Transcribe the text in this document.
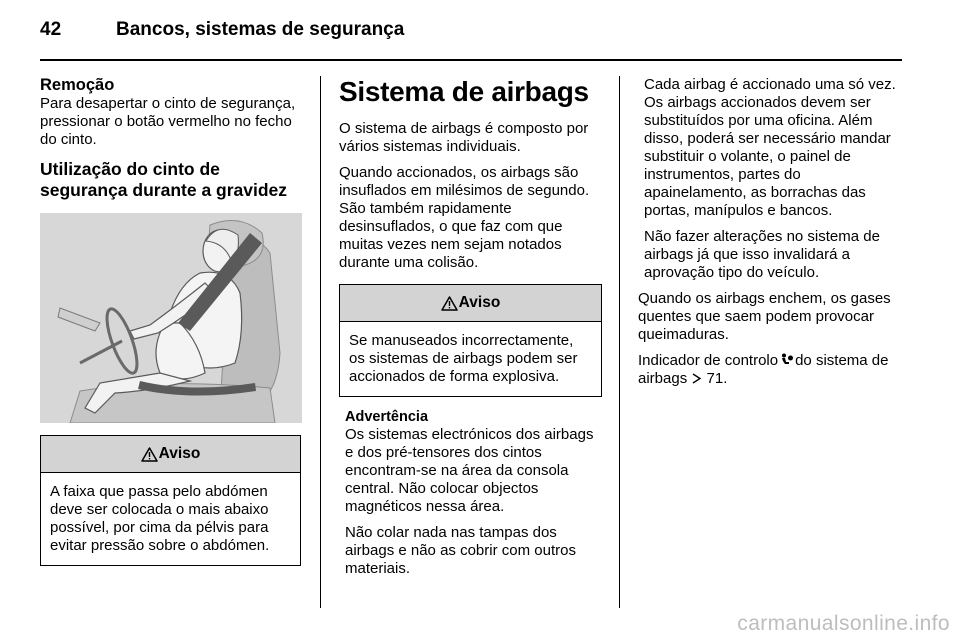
42	Bancos, sistemas de segurança
Remoção

Para desapertar o cinto de segurança, pressionar o botão vermelho no fecho do cinto.

Utilização do cinto de
segurança durante a gravidez
Aviso
A faixa que passa pelo abdómen deve ser colocada o mais abaixo possível, por cima da pélvis para evitar pressão sobre o abdómen.
Sistema de airbags

O sistema de airbags é composto por vários sistemas individuais.

Quando accionados, os airbags são insuflados em milésimos de segundo. São também rapidamente desinsuflados, o que faz com que muitas vezes nem sejam notados durante uma colisão.

Aviso
Se manuseados incorrectamente, os sistemas de airbags podem ser accionados de forma explosiva.
Advertência

Os sistemas electrónicos dos airbags e dos pré-tensores dos cintos encontram-se na área da consola central. Não colocar objectos magnéticos nessa área.

Não colar nada nas tampas dos airbags e não as cobrir com outros materiais.

Cada airbag é accionado uma só vez. Os airbags accionados devem ser substituídos por uma oficina. Além disso, poderá ser necessário mandar substituir o volante, o painel de instrumentos, partes do apainelamento, as borrachas das portas, manípulos e bancos.

Não fazer alterações no sistema de airbags já que isso invalidará a aprovação tipo do veículo.

Quando os airbags enchem, os gases quentes que saem podem provocar queimaduras.

Indicador de controlo do sistema de airbags 71.

carmanualsonline.info
